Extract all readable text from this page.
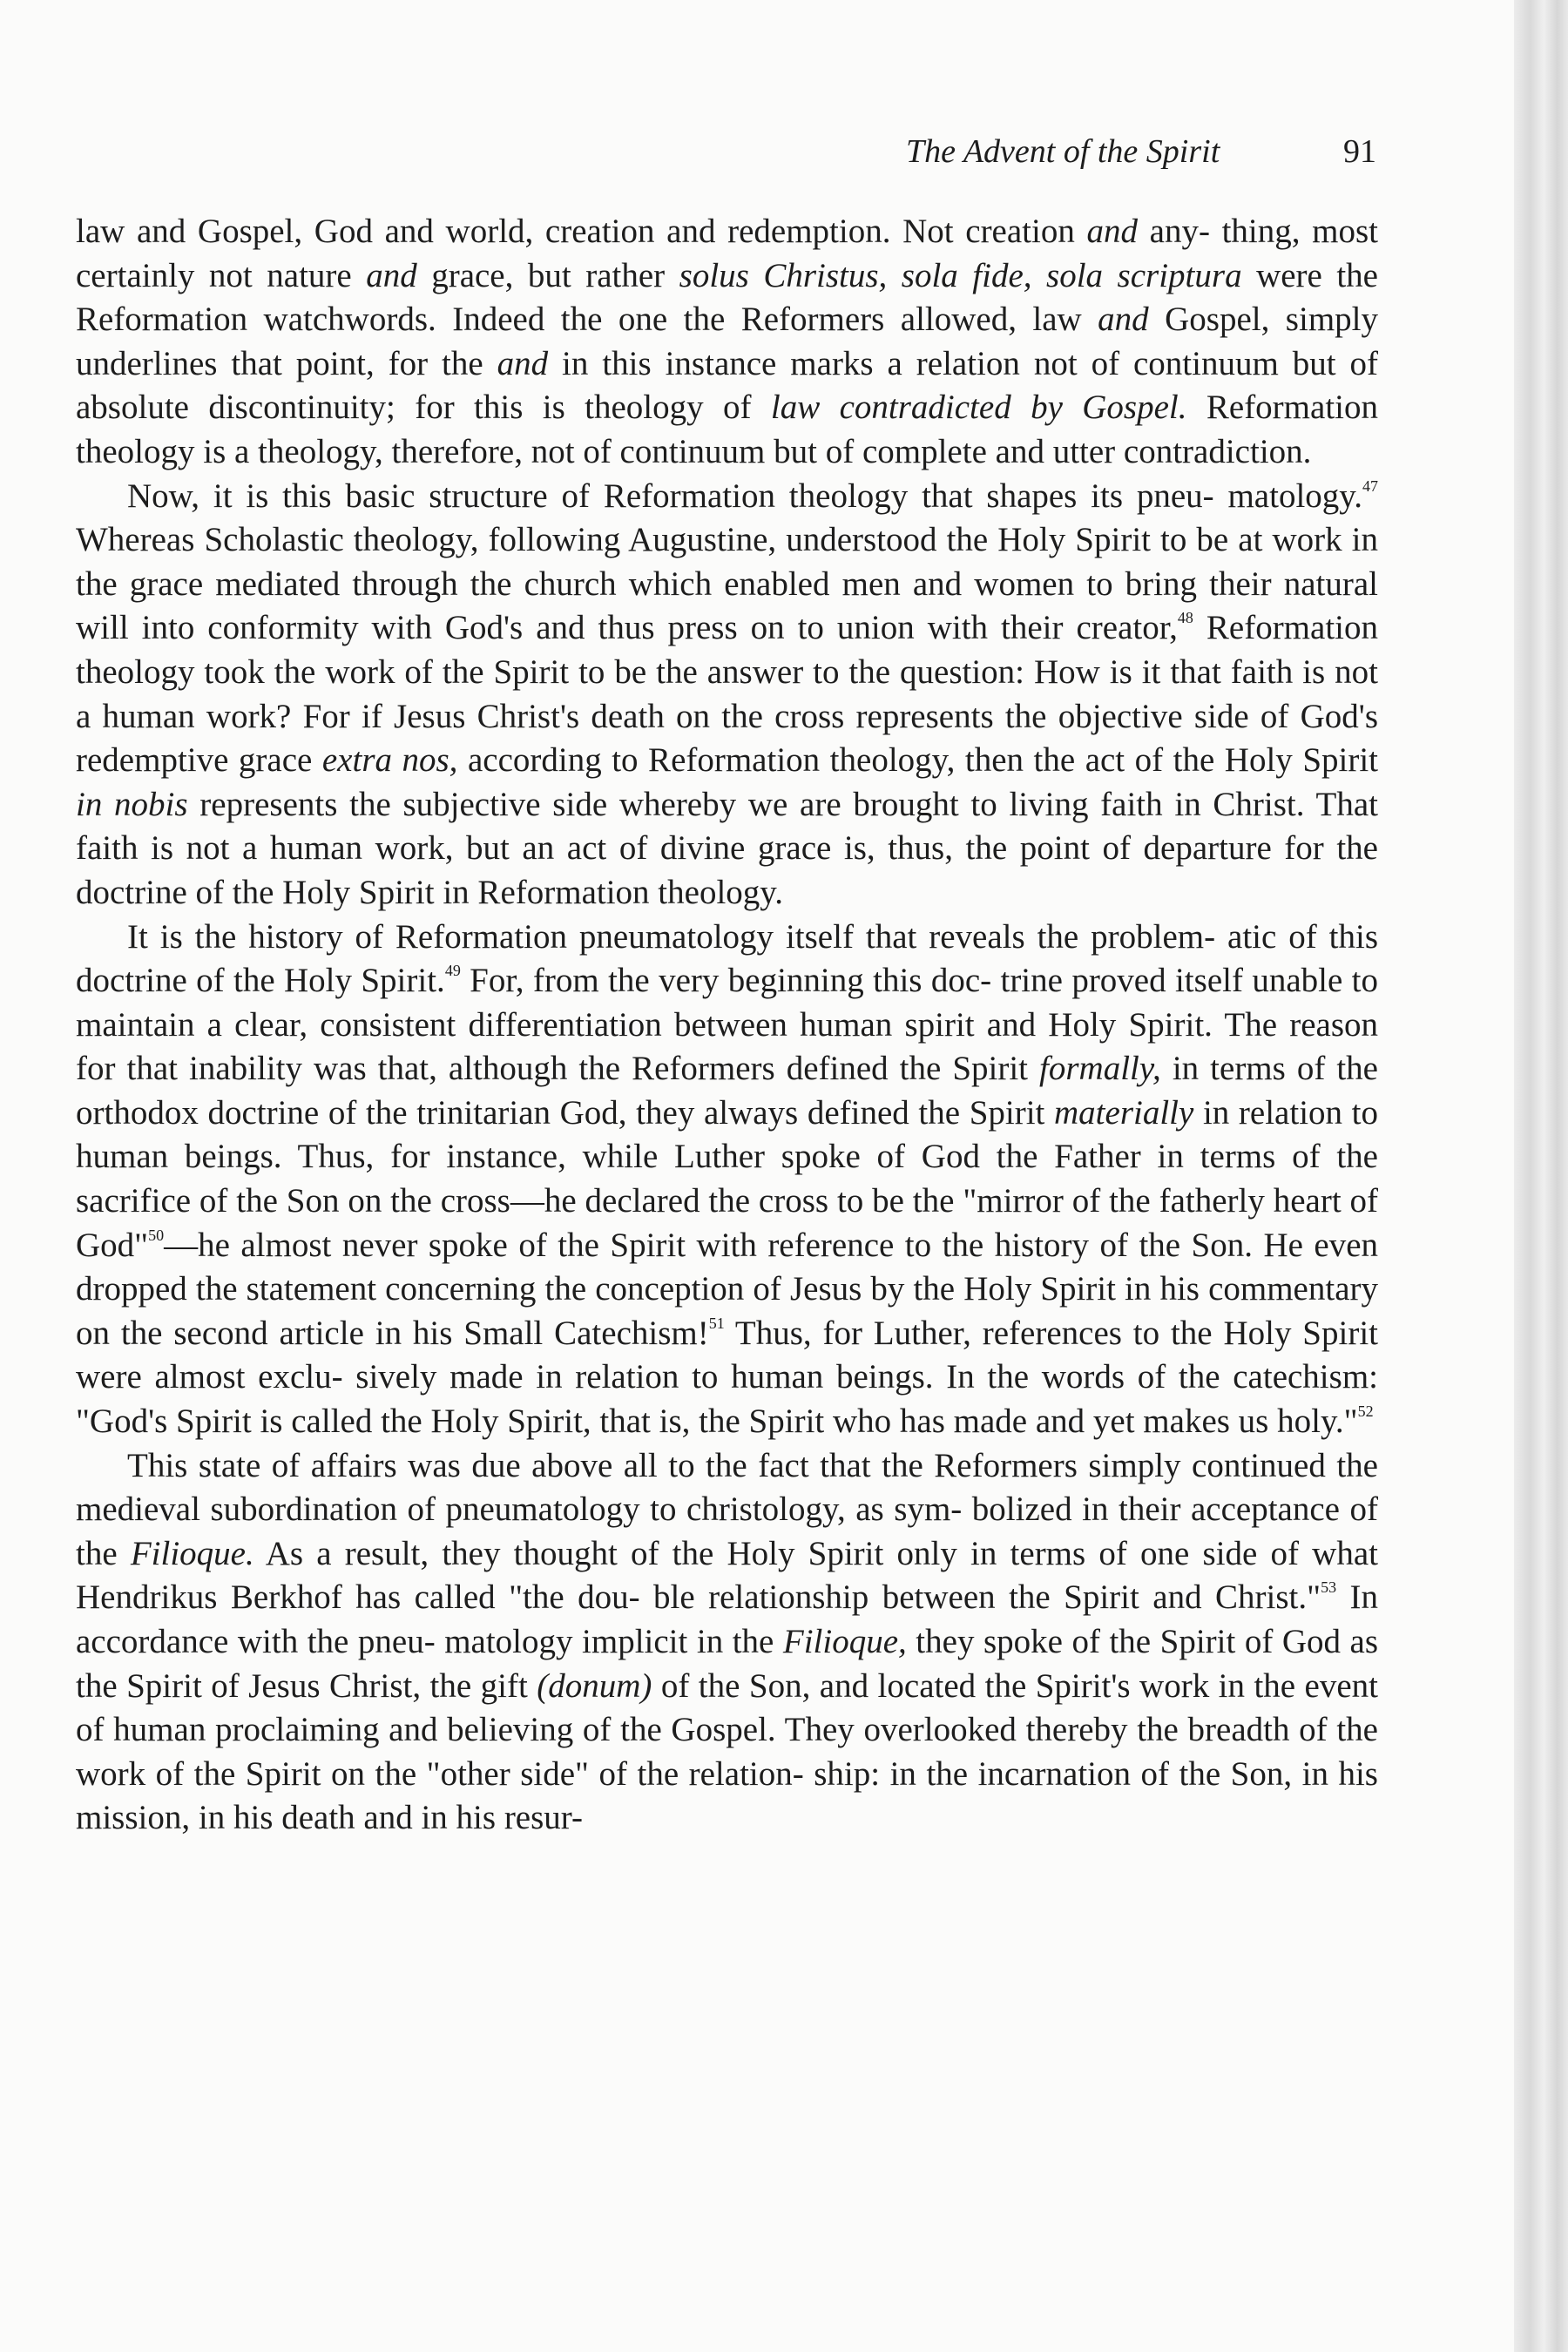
The Advent of the Spirit	91

law and Gospel, God and world, creation and redemption. Not creation and any- thing, most certainly not nature and grace, but rather solus Christus, sola fide, sola scriptura were the Reformation watchwords. Indeed the one the Reformers allowed, law and Gospel, simply underlines that point, for the and in this instance marks a relation not of continuum but of absolute discontinuity; for this is theology of law contradicted by Gospel. Reformation theology is a theology, therefore, not of continuum but of complete and utter contradiction.

Now, it is this basic structure of Reformation theology that shapes its pneu- matology.$^{47}$ Whereas Scholastic theology, following Augustine, understood the Holy Spirit to be at work in the grace mediated through the church which enabled men and women to bring their natural will into conformity with God's and thus press on to union with their creator,$^{48}$ Reformation theology took the work of the Spirit to be the answer to the question: How is it that faith is not a human work? For if Jesus Christ's death on the cross represents the objective side of God's redemptive grace extra nos, according to Reformation theology, then the act of the Holy Spirit in nobis represents the subjective side whereby we are brought to living faith in Christ. That faith is not a human work, but an act of divine grace is, thus, the point of departure for the doctrine of the Holy Spirit in Reformation theology.

It is the history of Reformation pneumatology itself that reveals the problem- atic of this doctrine of the Holy Spirit.$^{49}$ For, from the very beginning this doc- trine proved itself unable to maintain a clear, consistent differentiation between human spirit and Holy Spirit. The reason for that inability was that, although the Reformers defined the Spirit formally, in terms of the orthodox doctrine of the trinitarian God, they always defined the Spirit materially in relation to human beings. Thus, for instance, while Luther spoke of God the Father in terms of the sacrifice of the Son on the cross—he declared the cross to be the "mirror of the fatherly heart of God"$^{50}$—he almost never spoke of the Spirit with reference to the history of the Son. He even dropped the statement concerning the conception of Jesus by the Holy Spirit in his commentary on the second article in his Small Catechism!$^{51}$ Thus, for Luther, references to the Holy Spirit were almost exclu- sively made in relation to human beings. In the words of the catechism: "God's Spirit is called the Holy Spirit, that is, the Spirit who has made and yet makes us holy."$^{52}$

This state of affairs was due above all to the fact that the Reformers simply continued the medieval subordination of pneumatology to christology, as sym- bolized in their acceptance of the Filioque. As a result, they thought of the Holy Spirit only in terms of one side of what Hendrikus Berkhof has called "the dou- ble relationship between the Spirit and Christ."$^{53}$ In accordance with the pneu- matology implicit in the Filioque, they spoke of the Spirit of God as the Spirit of Jesus Christ, the gift (donum) of the Son, and located the Spirit's work in the event of human proclaiming and believing of the Gospel. They overlooked thereby the breadth of the work of the Spirit on the "other side" of the relation- ship: in the incarnation of the Son, in his mission, in his death and in his resur-
